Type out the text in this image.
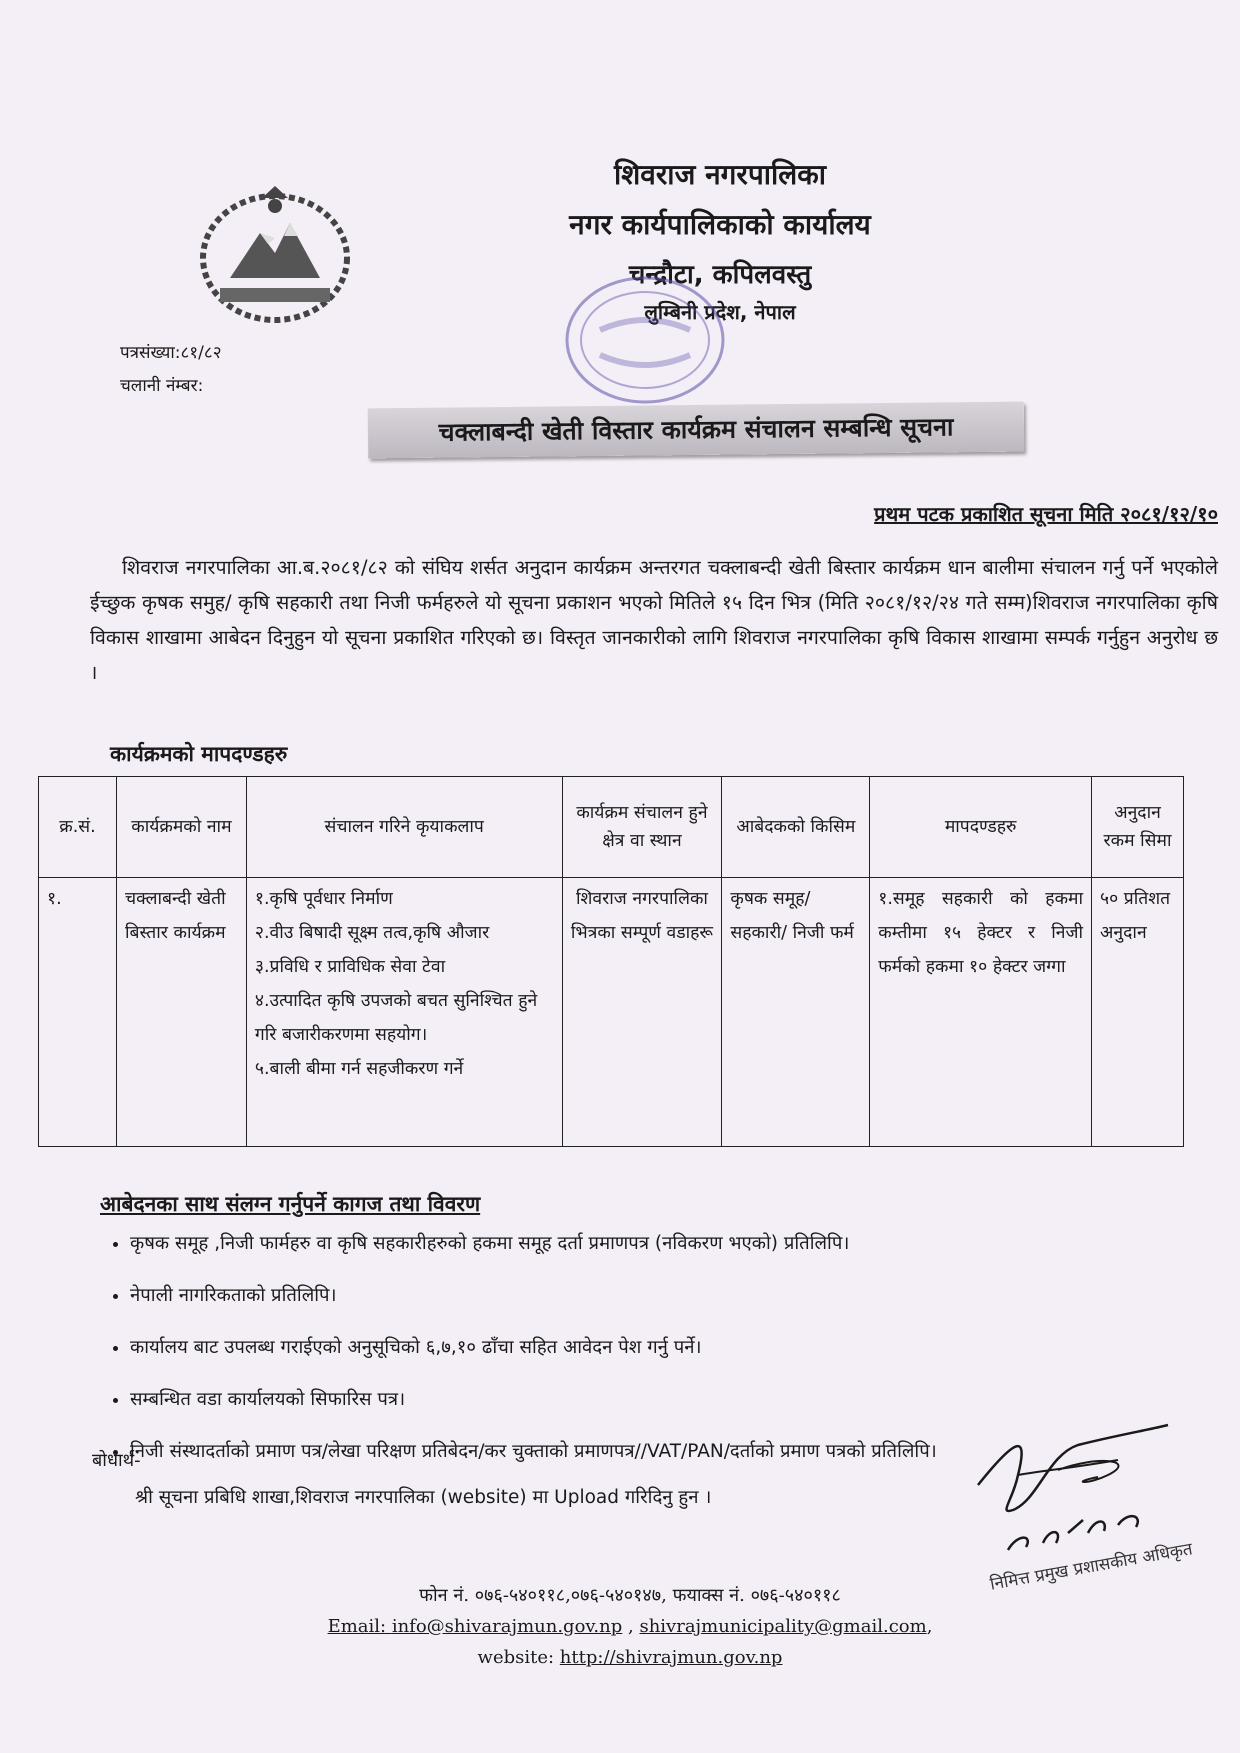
शिवराज नगरपालिका
नगर कार्यपालिकाको कार्यालय
चन्द्रौटा, कपिलवस्तु
लुम्बिनी प्रदेश, नेपाल
पत्रसंख्या:८१/८२
चलानी नंम्बर:
चक्लाबन्दी खेती विस्तार कार्यक्रम संचालन सम्बन्धि सूचना
प्रथम पटक प्रकाशित सूचना मिति २०८१/१२/१०
शिवराज नगरपालिका आ.ब.२०८१/८२ को संघिय शर्सत अनुदान कार्यक्रम अन्तरगत चक्लाबन्दी खेती बिस्तार कार्यक्रम धान बालीमा संचालन गर्नु पर्ने भएकोले ईच्छुक कृषक समुह/ कृषि सहकारी तथा निजी फर्महरुले यो सूचना प्रकाशन भएको मितिले १५ दिन भित्र (मिति २०८१/१२/२४ गते सम्म)शिवराज नगरपालिका कृषि विकास शाखामा आबेदन दिनुहुन यो सूचना प्रकाशित गरिएको छ। विस्तृत जानकारीको लागि शिवराज नगरपालिका कृषि विकास शाखामा सम्पर्क गर्नुहुन अनुरोध छ ।
कार्यक्रमको मापदण्डहरु
क्र.सं.	कार्यक्रमको नाम	संचालन गरिने कृयाकलाप	कार्यक्रम संचालन हुने क्षेत्र वा स्थान	आबेदकको किसिम	मापदण्डहरु	अनुदान रकम सिमा
१.	चक्लाबन्दी खेती बिस्तार कार्यक्रम	१.कृषि पूर्वधार निर्माण
२.वीउ बिषादी सूक्ष्म तत्व,कृषि औजार
३.प्रविधि र प्राविधिक सेवा टेवा
४.उत्पादित कृषि उपजको बचत सुनिश्चित हुने गरि बजारीकरणमा सहयोग।
५.बाली बीमा गर्न सहजीकरण गर्ने	शिवराज नगरपालिका भित्रका सम्पूर्ण वडाहरू	कृषक समूह/ सहकारी/ निजी फर्म	१.समूह सहकारी को हकमा कम्तीमा १५ हेक्टर र निजी फर्मको हकमा १० हेक्टर जग्गा	५० प्रतिशत अनुदान
आबेदनका साथ संलग्न गर्नुपर्ने कागज तथा विवरण
• कृषक समूह ,निजी फार्महरु वा कृषि सहकारीहरुको हकमा समूह दर्ता प्रमाणपत्र (नविकरण भएको) प्रतिलिपि।
• नेपाली नागरिकताको प्रतिलिपि।
• कार्यालय बाट उपलब्ध गराईएको अनुसूचिको ६,७,१० ढाँचा सहित आवेदन पेश गर्नु पर्ने।
• सम्बन्धित वडा कार्यालयको सिफारिस पत्र।
• निजी संस्थादर्ताको प्रमाण पत्र/लेखा परिक्षण प्रतिबेदन/कर चुक्ताको प्रमाणपत्र//VAT/PAN/दर्ताको प्रमाण पत्रको प्रतिलिपि।
बोधार्थ-
श्री सूचना प्रबिधि शाखा,शिवराज नगरपालिका (website) मा Upload गरिदिनु हुन ।
निमित्त प्रमुख प्रशासकीय अधिकृत
फोन नं. ०७६-५४०११८,०७६-५४०१४७, फयाक्स नं. ०७६-५४०११८
Email: info@shivarajmun.gov.np , shivrajmunicipality@gmail.com,
website: http://shivrajmun.gov.np
